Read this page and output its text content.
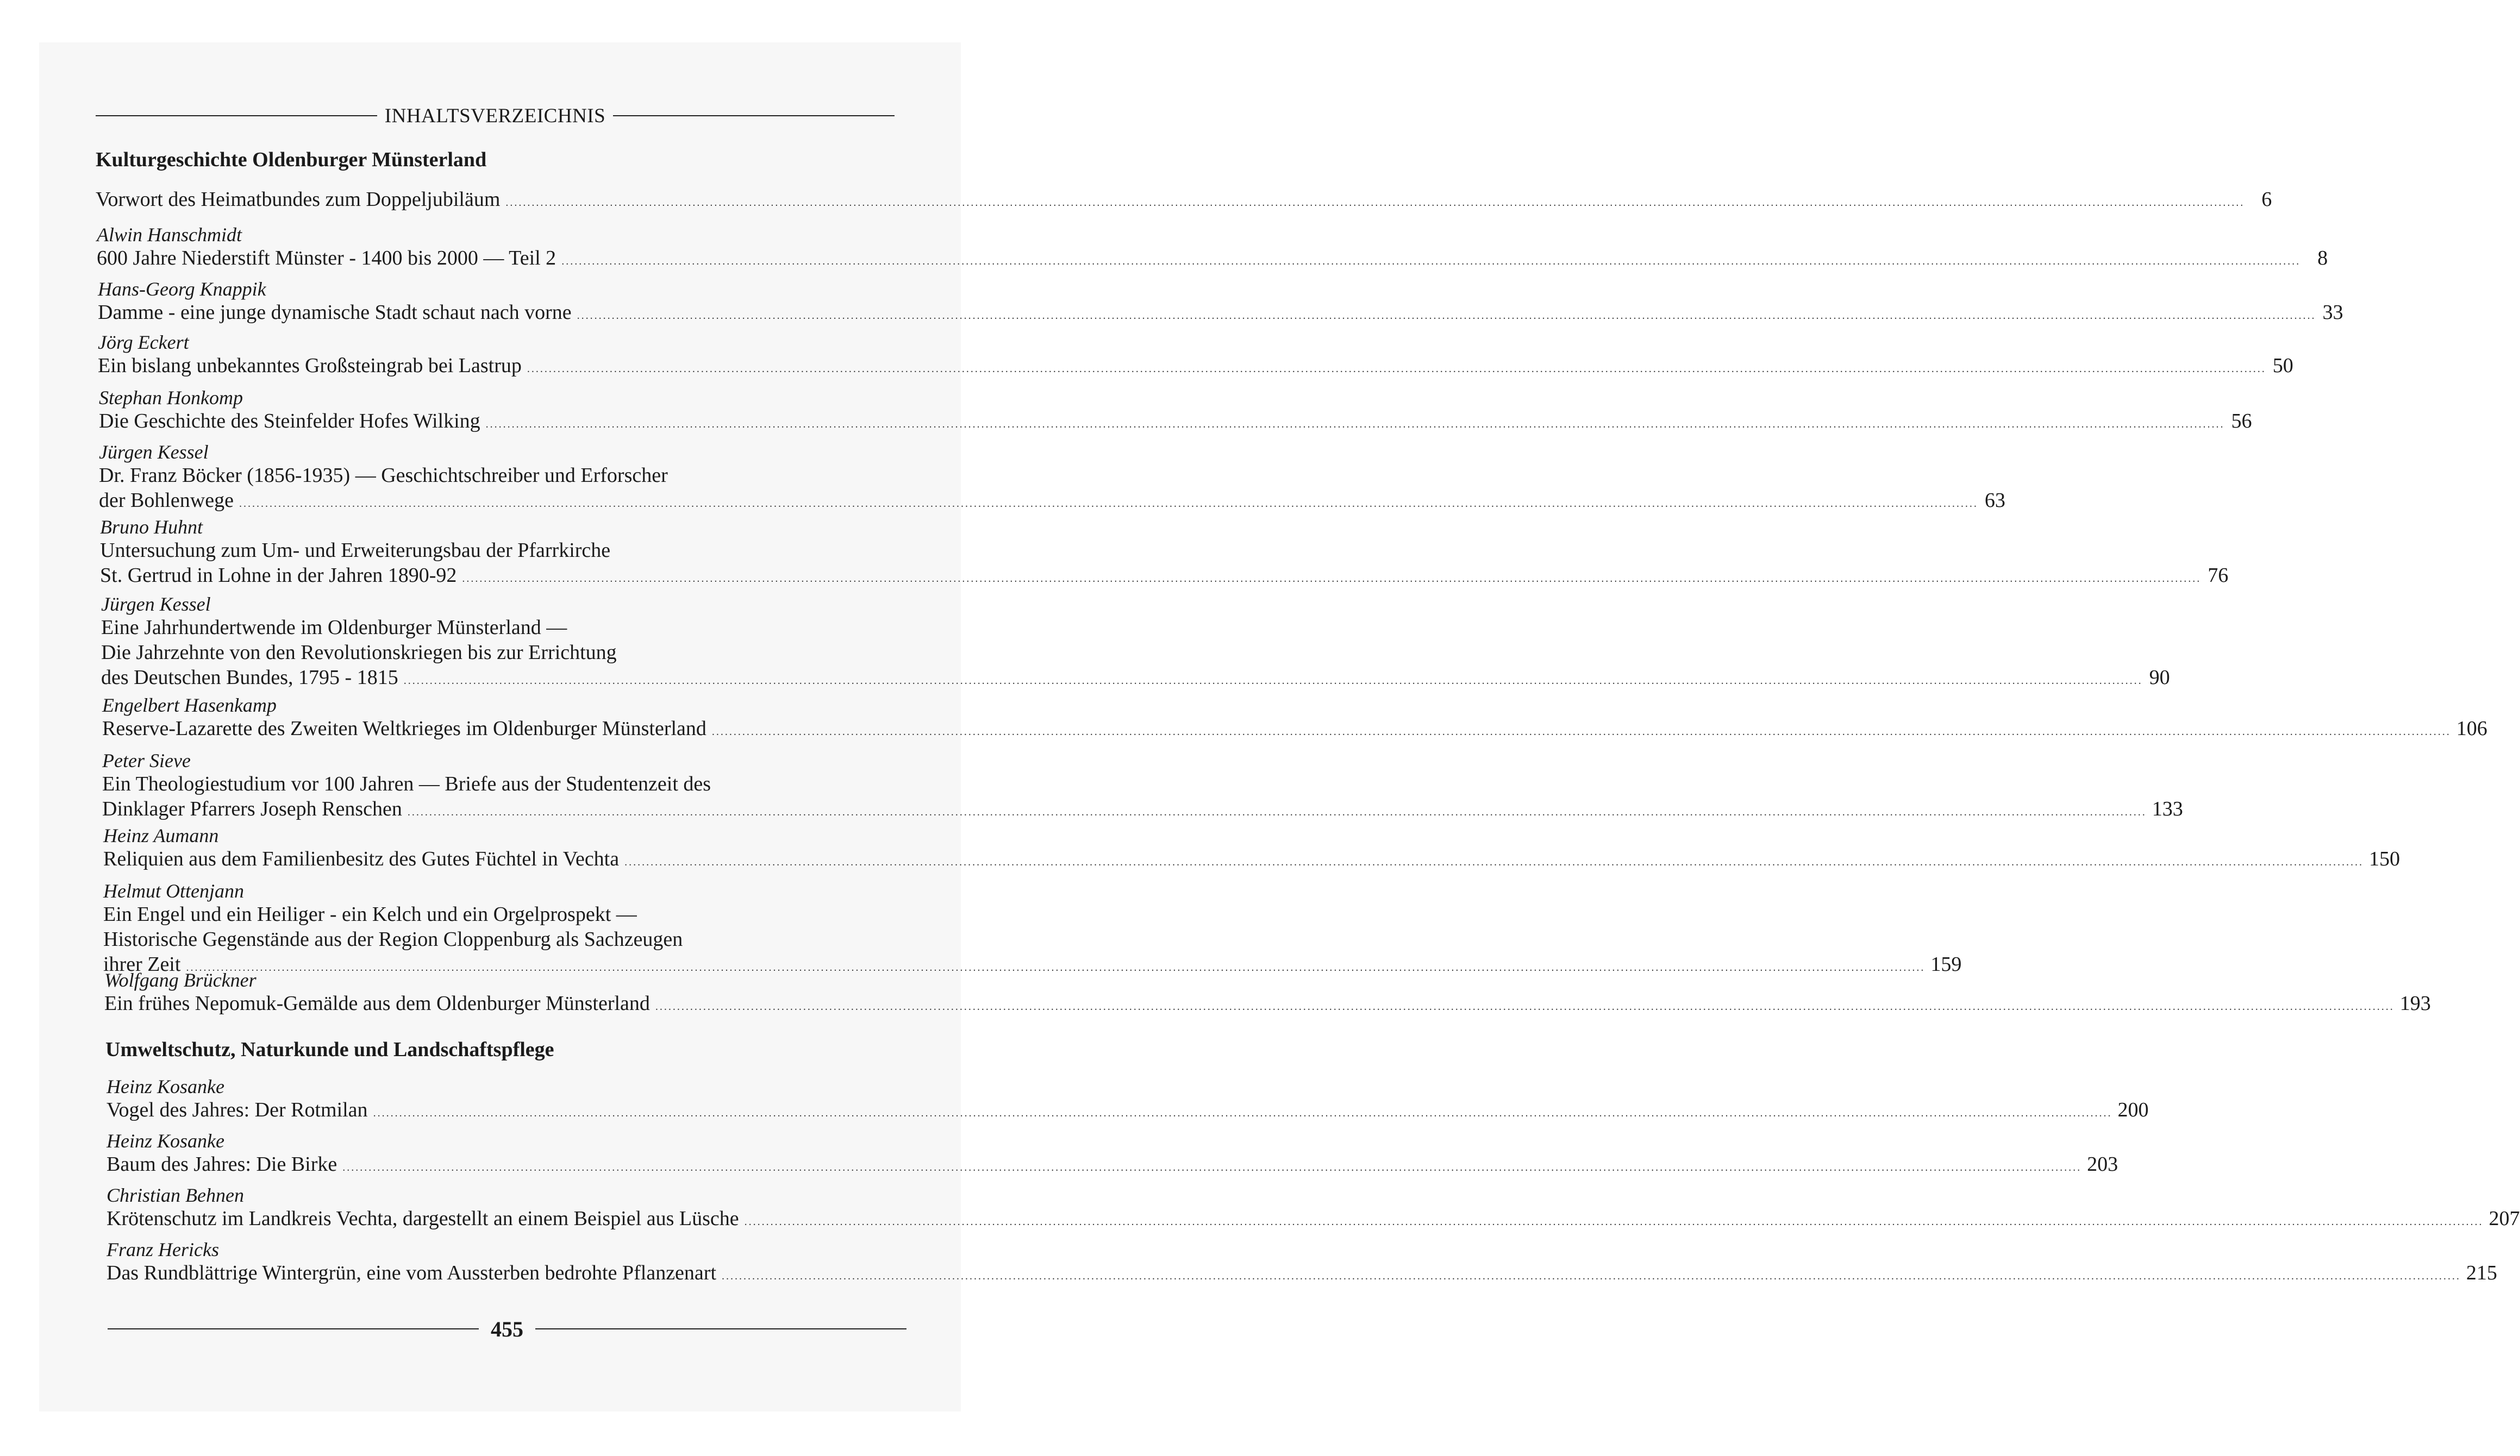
INHALTSVERZEICHNIS
Kulturgeschichte Oldenburger Münsterland
Vorwort des Heimatbundes zum Doppeljubiläum ................................................................................................................................................................................................................................................................................................................................................................................................................ 6
Alwin Hanschmidt
600 Jahre Niederstift Münster - 1400 bis 2000 — Teil 2 ................................................................................................................................................................................................................................................................................................................................................................................................................ 8
Hans-Georg Knappik
Damme - eine junge dynamische Stadt schaut nach vorne ................................................................................................................................................................................................................................................................................................................................................................................................................ 33
Jörg Eckert
Ein bislang unbekanntes Großsteingrab bei Lastrup ................................................................................................................................................................................................................................................................................................................................................................................................................ 50
Stephan Honkomp
Die Geschichte des Steinfelder Hofes Wilking ................................................................................................................................................................................................................................................................................................................................................................................................................ 56
Jürgen Kessel
Dr. Franz Böcker (1856-1935) — Geschichtschreiber und Erforscher
der Bohlenwege ................................................................................................................................................................................................................................................................................................................................................................................................................ 63
Bruno Huhnt
Untersuchung zum Um- und Erweiterungsbau der Pfarrkirche
St. Gertrud in Lohne in der Jahren 1890-92 ................................................................................................................................................................................................................................................................................................................................................................................................................ 76
Jürgen Kessel
Eine Jahrhundertwende im Oldenburger Münsterland —
Die Jahrzehnte von den Revolutionskriegen bis zur Errichtung
des Deutschen Bundes, 1795 - 1815 ................................................................................................................................................................................................................................................................................................................................................................................................................ 90
Engelbert Hasenkamp
Reserve-Lazarette des Zweiten Weltkrieges im Oldenburger Münsterland ................................................................................................................................................................................................................................................................................................................................................................................................................ 106
Peter Sieve
Ein Theologiestudium vor 100 Jahren — Briefe aus der Studentenzeit des
Dinklager Pfarrers Joseph Renschen ................................................................................................................................................................................................................................................................................................................................................................................................................ 133
Heinz Aumann
Reliquien aus dem Familienbesitz des Gutes Füchtel in Vechta ................................................................................................................................................................................................................................................................................................................................................................................................................ 150
Helmut Ottenjann
Ein Engel und ein Heiliger - ein Kelch und ein Orgelprospekt —
Historische Gegenstände aus der Region Cloppenburg als Sachzeugen
ihrer Zeit ................................................................................................................................................................................................................................................................................................................................................................................................................ 159
Wolfgang Brückner
Ein frühes Nepomuk-Gemälde aus dem Oldenburger Münsterland ................................................................................................................................................................................................................................................................................................................................................................................................................ 193
Umweltschutz, Naturkunde und Landschaftspflege
Heinz Kosanke
Vogel des Jahres: Der Rotmilan ................................................................................................................................................................................................................................................................................................................................................................................................................ 200
Heinz Kosanke
Baum des Jahres: Die Birke ................................................................................................................................................................................................................................................................................................................................................................................................................ 203
Christian Behnen
Krötenschutz im Landkreis Vechta, dargestellt an einem Beispiel aus Lüsche ................................................................................................................................................................................................................................................................................................................................................................................................................ 207
Franz Hericks
Das Rundblättrige Wintergrün, eine vom Aussterben bedrohte Pflanzenart ................................................................................................................................................................................................................................................................................................................................................................................................................ 215
455
